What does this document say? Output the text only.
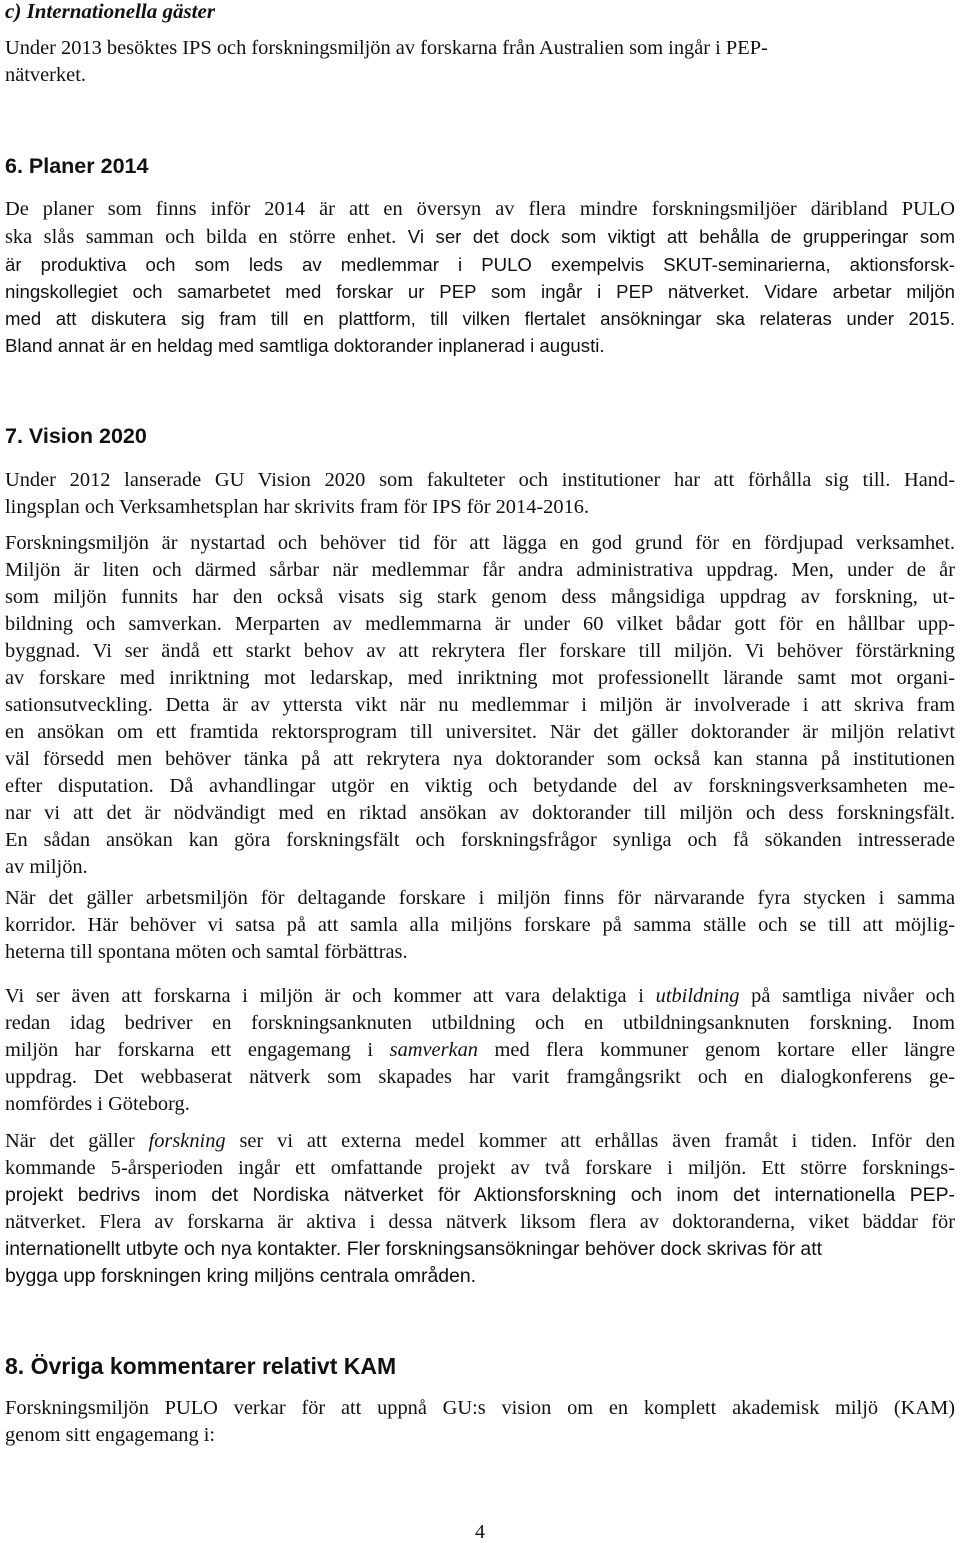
c) Internationella gäster

Under 2013 besöktes IPS och forskningsmiljön av forskarna från Australien som ingår i PEP-
nätverket.

6. Planer 2014

De planer som finns inför 2014 är att en översyn av flera mindre forskningsmiljöer däribland PULO
ska slås samman och bilda en större enhet. Vi ser det dock som viktigt att behålla de grupperingar som
är produktiva och som leds av medlemmar i PULO exempelvis SKUT-seminarierna, aktionsforsk-
ningskollegiet och samarbetet med forskar ur PEP som ingår i PEP nätverket. Vidare arbetar miljön
med att diskutera sig fram till en plattform, till vilken flertalet ansökningar ska relateras under 2015.
Bland annat är en heldag med samtliga doktorander inplanerad i augusti.

7. Vision 2020

Under 2012 lanserade GU Vision 2020 som fakulteter och institutioner har att förhålla sig till. Hand-
lingsplan och Verksamhetsplan har skrivits fram för IPS för 2014-2016.

Forskningsmiljön är nystartad och behöver tid för att lägga en god grund för en fördjupad verksamhet.
Miljön är liten och därmed sårbar när medlemmar får andra administrativa uppdrag. Men, under de år
som miljön funnits har den också visats sig stark genom dess mångsidiga uppdrag av forskning, ut-
bildning och samverkan. Merparten av medlemmarna är under 60 vilket bådar gott för en hållbar upp-
byggnad. Vi ser ändå ett starkt behov av att rekrytera fler forskare till miljön. Vi behöver förstärkning
av forskare med inriktning mot ledarskap, med inriktning mot professionellt lärande samt mot organi-
sationsutveckling. Detta är av yttersta vikt när nu medlemmar i miljön är involverade i att skriva fram
en ansökan om ett framtida rektorsprogram till universitet. När det gäller doktorander är miljön relativt
väl försedd men behöver tänka på att rekrytera nya doktorander som också kan stanna på institutionen
efter disputation. Då avhandlingar utgör en viktig och betydande del av forskningsverksamheten me-
nar vi att det är nödvändigt med en riktad ansökan av doktorander till miljön och dess forskningsfält.
En sådan ansökan kan göra forskningsfält och forskningsfrågor synliga och få sökanden intresserade
av miljön.

När det gäller arbetsmiljön för deltagande forskare i miljön finns för närvarande fyra stycken i samma
korridor. Här behöver vi satsa på att samla alla miljöns forskare på samma ställe och se till att möjlig-
heterna till spontana möten och samtal förbättras.

Vi ser även att forskarna i miljön är och kommer att vara delaktiga i utbildning på samtliga nivåer och
redan idag bedriver en forskningsanknuten utbildning och en utbildningsanknuten forskning. Inom
miljön har forskarna ett engagemang i samverkan med flera kommuner genom kortare eller längre
uppdrag. Det webbaserat nätverk som skapades har varit framgångsrikt och en dialogkonferens ge-
nomfördes i Göteborg.

När det gäller forskning ser vi att externa medel kommer att erhållas även framåt i tiden. Inför den
kommande 5-årsperioden ingår ett omfattande projekt av två forskare i miljön. Ett större forsknings-
projekt bedrivs inom det Nordiska nätverket för Aktionsforskning och inom det internationella PEP-
nätverket. Flera av forskarna är aktiva i dessa nätverk liksom flera av doktoranderna, viket bäddar för
internationellt utbyte och nya kontakter. Fler forskningsansökningar behöver dock skrivas för att
bygga upp forskningen kring miljöns centrala områden.

8. Övriga kommentarer relativt KAM

Forskningsmiljön PULO verkar för att uppnå GU:s vision om en komplett akademisk miljö (KAM)
genom sitt engagemang i:

4
